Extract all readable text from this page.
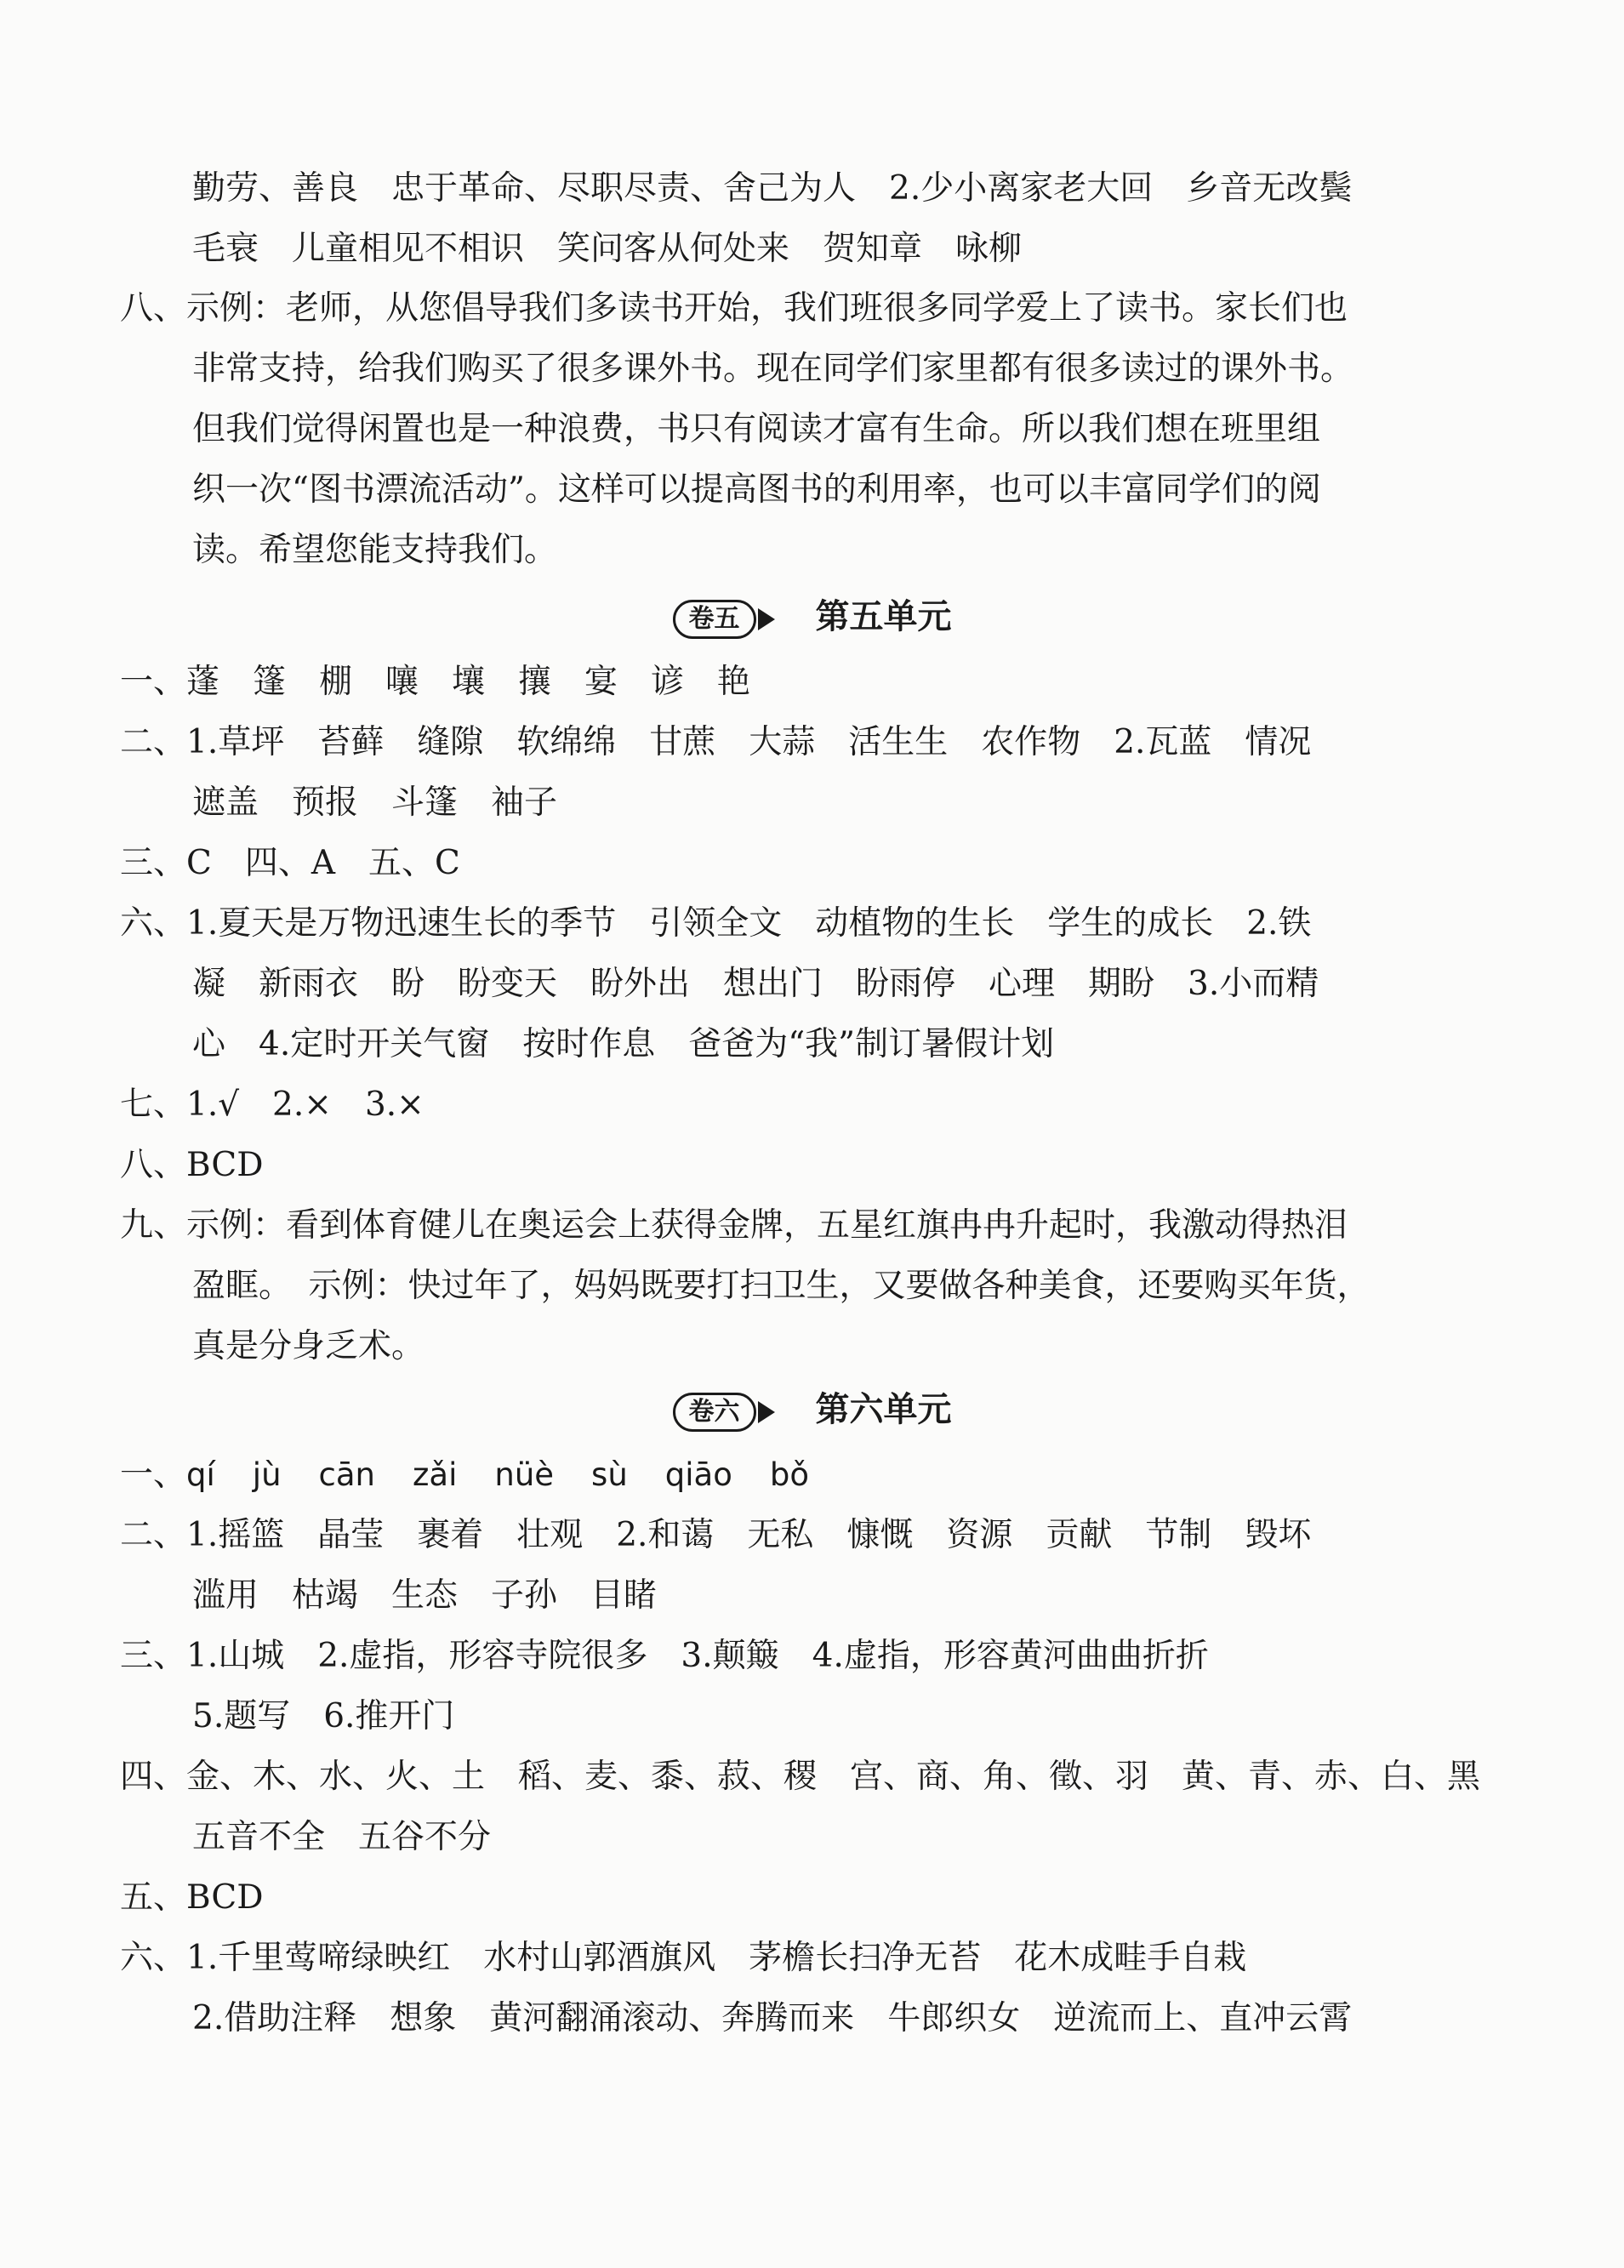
勤劳、善良　忠于革命、尽职尽责、舍己为人　2.少小离家老大回　乡音无改鬓
毛衰　儿童相见不相识　笑问客从何处来　贺知章　咏柳
八、示例：老师，从您倡导我们多读书开始，我们班很多同学爱上了读书。家长们也
非常支持，给我们购买了很多课外书。现在同学们家里都有很多读过的课外书。
但我们觉得闲置也是一种浪费，书只有阅读才富有生命。所以我们想在班里组
织一次“图书漂流活动”。这样可以提高图书的利用率，也可以丰富同学们的阅
读。希望您能支持我们。
卷五	第五单元
一、蓬　篷　棚　嚷　壤　攘　宴　谚　艳
二、1.草坪　苔藓　缝隙　软绵绵　甘蔗　大蒜　活生生　农作物　2.瓦蓝　情况
遮盖　预报　斗篷　袖子
三、C　四、A　五、C
六、1.夏天是万物迅速生长的季节　引领全文　动植物的生长　学生的成长　2.铁
凝　新雨衣　盼　盼变天　盼外出　想出门　盼雨停　心理　期盼　3.小而精
心　4.定时开关气窗　按时作息　爸爸为“我”制订暑假计划
七、1.√　2.×　3.×
八、BCD
九、示例：看到体育健儿在奥运会上获得金牌，五星红旗冉冉升起时，我激动得热泪
盈眶。　示例：快过年了，妈妈既要打扫卫生，又要做各种美食，还要购买年货，
真是分身乏术。
卷六	第六单元
一、qí jù cān zǎi nüè sù qiāo bǒ
二、1.摇篮　晶莹　裹着　壮观　2.和蔼　无私　慷慨　资源　贡献　节制　毁坏
滥用　枯竭　生态　子孙　目睹
三、1.山城　2.虚指，形容寺院很多　3.颠簸　4.虚指，形容黄河曲曲折折
5.题写　6.推开门
四、金、木、水、火、土　稻、麦、黍、菽、稷　宫、商、角、徵、羽　黄、青、赤、白、黑
五音不全　五谷不分
五、BCD
六、1.千里莺啼绿映红　水村山郭酒旗风　茅檐长扫净无苔　花木成畦手自栽
2.借助注释　想象　黄河翻涌滚动、奔腾而来　牛郎织女　逆流而上、直冲云霄
